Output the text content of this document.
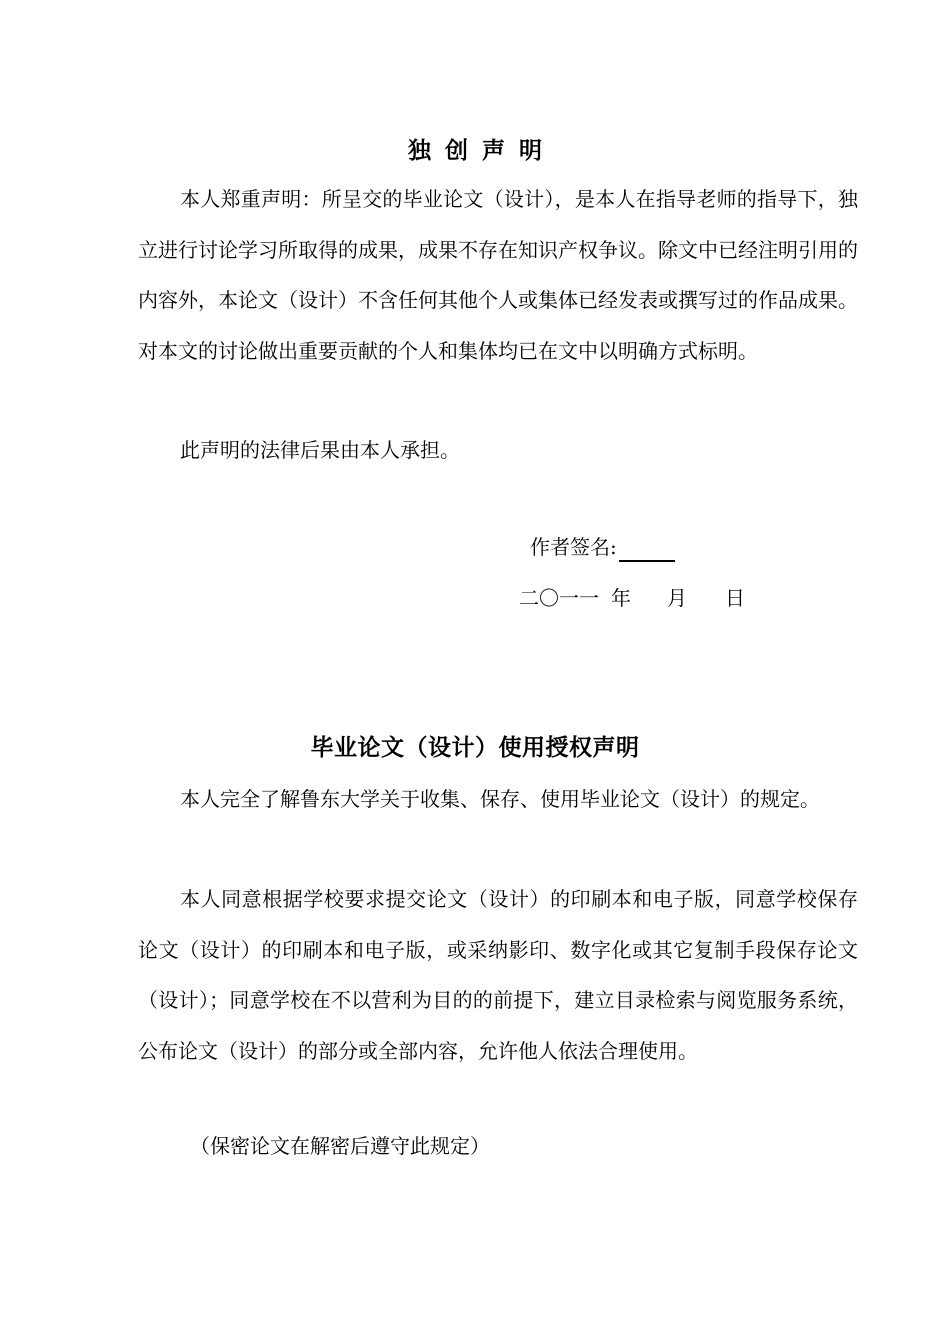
独创声明

本人郑重声明：所呈交的毕业论文（设计），是本人在指导老师的指导下，独立进行讨论学习所取得的成果，成果不存在知识产权争议。除文中已经注明引用的内容外，本论文（设计）不含任何其他个人或集体已经发表或撰写过的作品成果。对本文的讨论做出重要贡献的个人和集体均已在文中以明确方式标明。

此声明的法律后果由本人承担。

作者签名:
二〇一一 年 月 日
毕业论文（设计）使用授权声明

本人完全了解鲁东大学关于收集、保存、使用毕业论文（设计）的规定。

本人同意根据学校要求提交论文（设计）的印刷本和电子版，同意学校保存论文（设计）的印刷本和电子版，或采纳影印、数字化或其它复制手段保存论文（设计）；同意学校在不以营利为目的的前提下，建立目录检索与阅览服务系统，公布论文（设计）的部分或全部内容，允许他人依法合理使用。

（保密论文在解密后遵守此规定）
